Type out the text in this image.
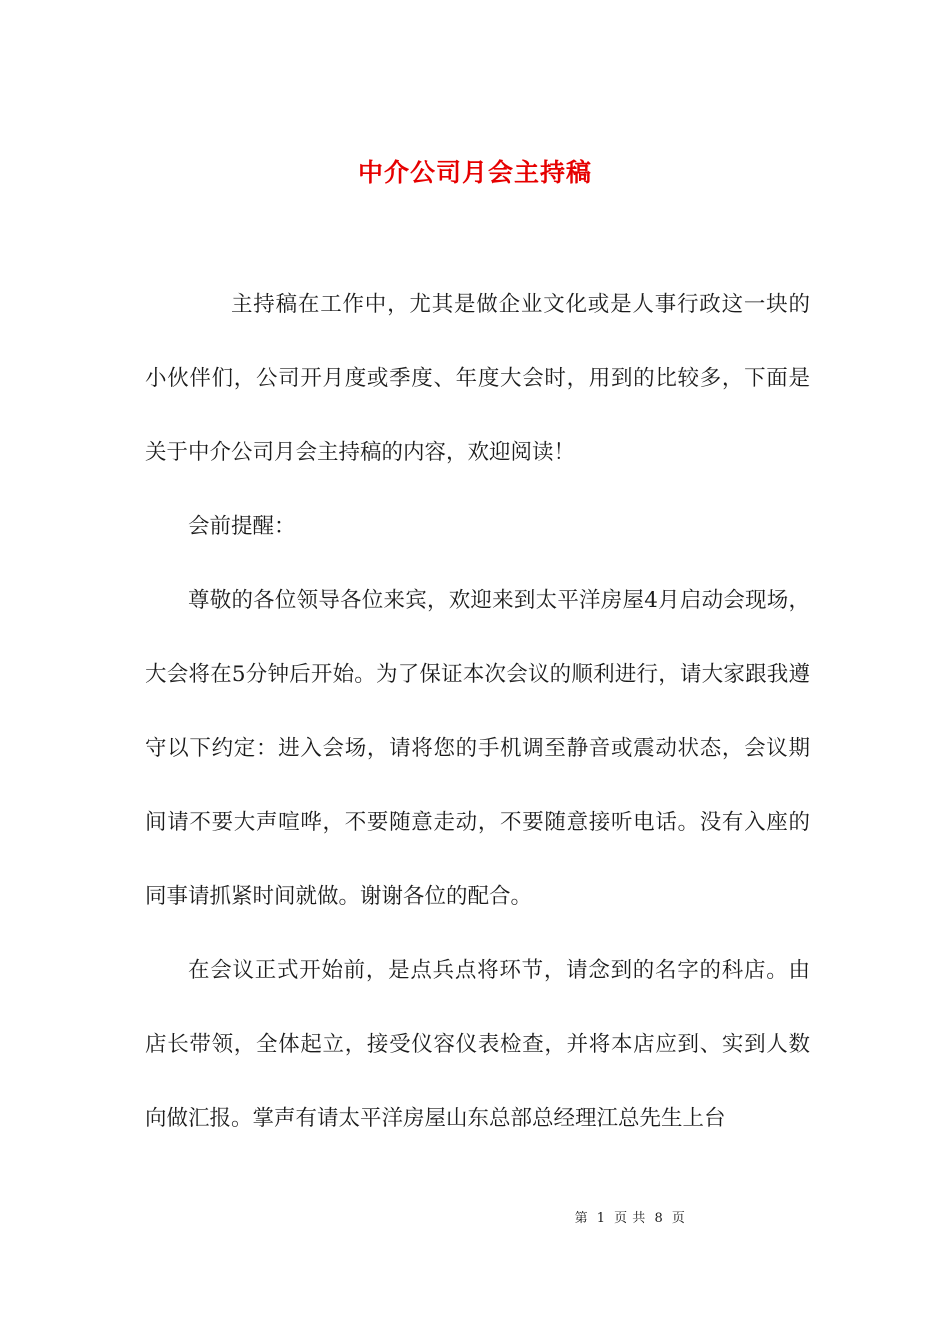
中介公司月会主持稿

主持稿在工作中，尤其是做企业文化或是人事行政这一块的小伙伴们，公司开月度或季度、年度大会时，用到的比较多，下面是关于中介公司月会主持稿的内容，欢迎阅读！

会前提醒：

尊敬的各位领导各位来宾，欢迎来到太平洋房屋4月启动会现场，大会将在5分钟后开始。为了保证本次会议的顺利进行，请大家跟我遵守以下约定：进入会场，请将您的手机调至静音或震动状态，会议期间请不要大声喧哗，不要随意走动，不要随意接听电话。没有入座的同事请抓紧时间就做。谢谢各位的配合。

在会议正式开始前，是点兵点将环节，请念到的名字的科店。由店长带领，全体起立，接受仪容仪表检查，并将本店应到、实到人数向做汇报。掌声有请太平洋房屋山东总部总经理江总先生上台

第 1 页 共 8 页
